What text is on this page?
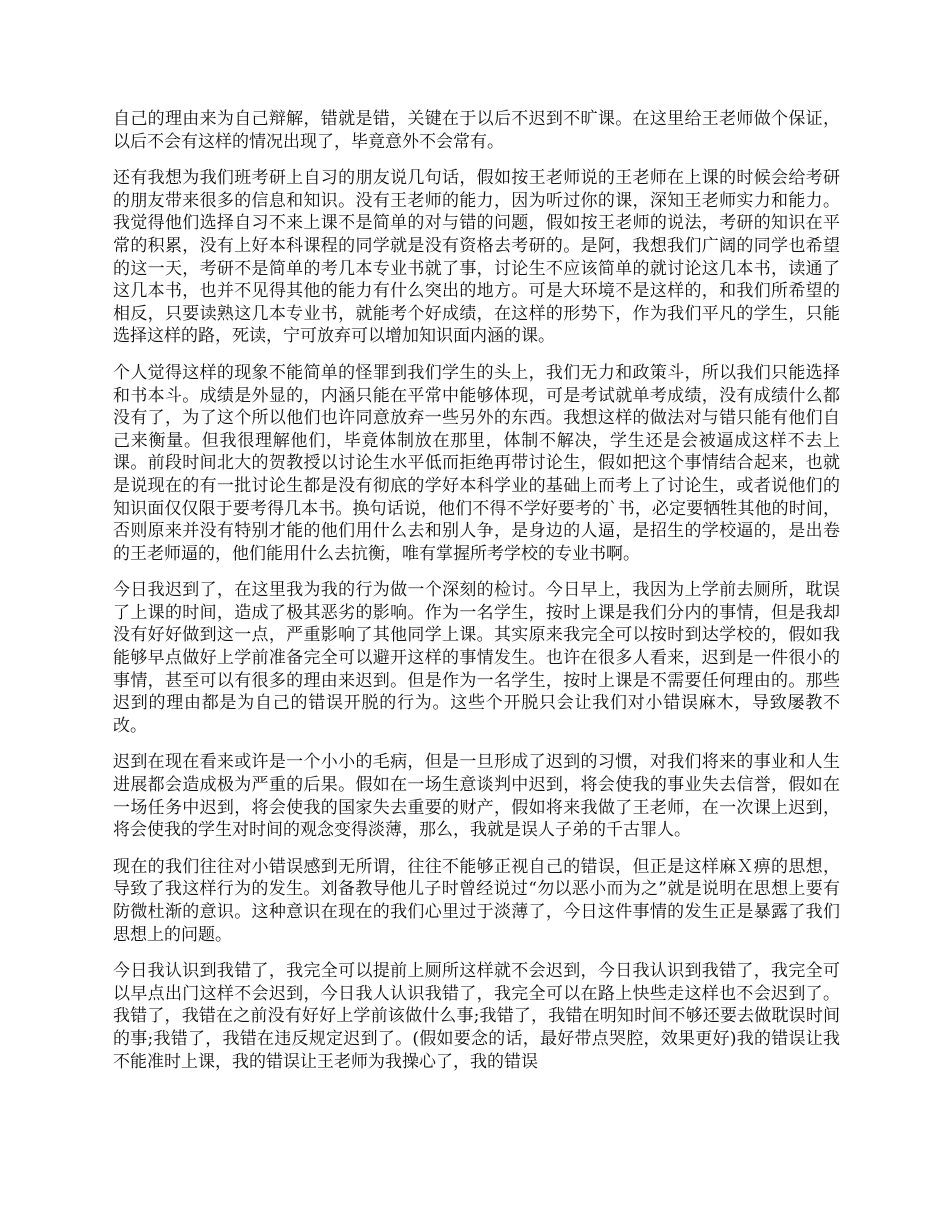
自己的理由来为自己辩解，错就是错，关键在于以后不迟到不旷课。在这里给王老师做个保证，以后不会有这样的情况出现了，毕竟意外不会常有。

还有我想为我们班考研上自习的朋友说几句话，假如按王老师说的王老师在上课的时候会给考研的朋友带来很多的信息和知识。没有王老师的能力，因为听过你的课，深知王老师实力和能力。我觉得他们选择自习不来上课不是简单的对与错的问题，假如按王老师的说法，考研的知识在平常的积累，没有上好本科课程的同学就是没有资格去考研的。是阿，我想我们广阔的同学也希望的这一天，考研不是简单的考几本专业书就了事，讨论生不应该简单的就讨论这几本书，读通了这几本书，也并不见得其他的能力有什么突出的地方。可是大环境不是这样的，和我们所希望的相反，只要读熟这几本专业书，就能考个好成绩，在这样的形势下，作为我们平凡的学生，只能选择这样的路，死读，宁可放弃可以增加知识面内涵的课。

个人觉得这样的现象不能简单的怪罪到我们学生的头上，我们无力和政策斗，所以我们只能选择和书本斗。成绩是外显的，内涵只能在平常中能够体现，可是考试就单考成绩，没有成绩什么都没有了，为了这个所以他们也许同意放弃一些另外的东西。我想这样的做法对与错只能有他们自己来衡量。但我很理解他们，毕竟体制放在那里，体制不解决，学生还是会被逼成这样不去上课。前段时间北大的贺教授以讨论生水平低而拒绝再带讨论生，假如把这个事情结合起来，也就是说现在的有一批讨论生都是没有彻底的学好本科学业的基础上而考上了讨论生，或者说他们的知识面仅仅限于要考得几本书。换句话说，他们不得不学好要考的`书，必定要牺牲其他的时间，否则原来并没有特别才能的他们用什么去和别人争，是身边的人逼，是招生的学校逼的，是出卷的王老师逼的，他们能用什么去抗衡，唯有掌握所考学校的专业书啊。

今日我迟到了，在这里我为我的行为做一个深刻的检讨。今日早上，我因为上学前去厕所，耽误了上课的时间，造成了极其恶劣的影响。作为一名学生，按时上课是我们分内的事情，但是我却没有好好做到这一点，严重影响了其他同学上课。其实原来我完全可以按时到达学校的，假如我能够早点做好上学前准备完全可以避开这样的事情发生。也许在很多人看来，迟到是一件很小的事情，甚至可以有很多的理由来迟到。但是作为一名学生，按时上课是不需要任何理由的。那些迟到的理由都是为自己的错误开脱的行为。这些个开脱只会让我们对小错误麻木，导致屡教不改。

迟到在现在看来或许是一个小小的毛病，但是一旦形成了迟到的习惯，对我们将来的事业和人生进展都会造成极为严重的后果。假如在一场生意谈判中迟到，将会使我的事业失去信誉，假如在一场任务中迟到，将会使我的国家失去重要的财产，假如将来我做了王老师，在一次课上迟到，将会使我的学生对时间的观念变得淡薄，那么，我就是误人子弟的千古罪人。

现在的我们往往对小错误感到无所谓，往往不能够正视自己的错误，但正是这样麻Ｘ痹的思想，导致了我这样行为的发生。刘备教导他儿子时曾经说过“勿以恶小而为之”就是说明在思想上要有防微杜渐的意识。这种意识在现在的我们心里过于淡薄了，今日这件事情的发生正是暴露了我们思想上的问题。

今日我认识到我错了，我完全可以提前上厕所这样就不会迟到，今日我认识到我错了，我完全可以早点出门这样不会迟到，今日我人认识我错了，我完全可以在路上快些走这样也不会迟到了。我错了，我错在之前没有好好上学前该做什么事;我错了，我错在明知时间不够还要去做耽误时间的事;我错了，我错在违反规定迟到了。(假如要念的话，最好带点哭腔，效果更好)我的错误让我不能准时上课，我的错误让王老师为我操心了，我的错误
